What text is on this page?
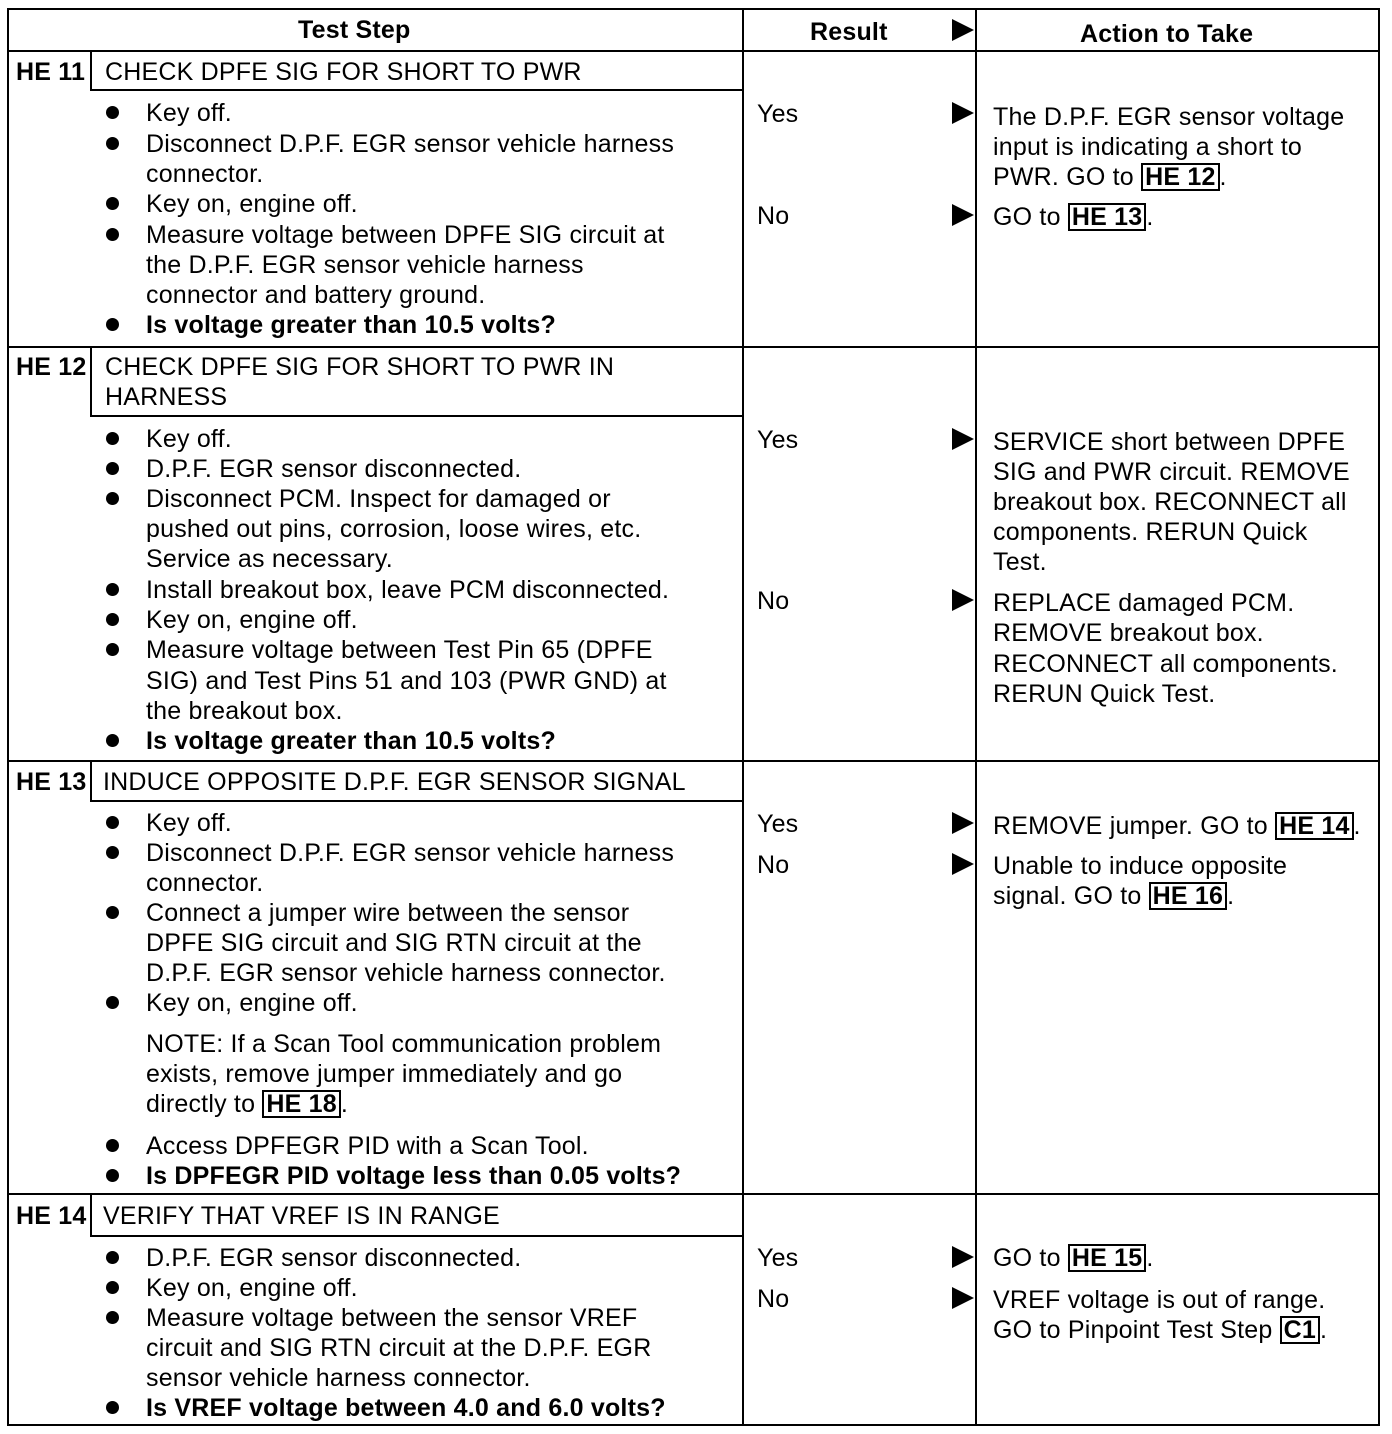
Test Step	Result	Action to Take
HE 11 CHECK DPFE SIG FOR SHORT TO PWR
Key off.
Disconnect D.P.F. EGR sensor vehicle harness
connector.
Key on, engine off.
Measure voltage between DPFE SIG circuit at
the D.P.F. EGR sensor vehicle harness
connector and battery ground.
Is voltage greater than 10.5 volts?
Yes	The D.P.F. EGR sensor voltage
input is indicating a short to
PWR. GO to HE 12 .
No	GO to HE 13 .
HE 12 CHECK DPFE SIG FOR SHORT TO PWR IN
HARNESS
Key off.
D.P.F. EGR sensor disconnected.
Disconnect PCM. Inspect for damaged or
pushed out pins, corrosion, loose wires, etc.
Service as necessary.
Install breakout box, leave PCM disconnected.
Key on, engine off.
Measure voltage between Test Pin 65 (DPFE
SIG) and Test Pins 51 and 103 (PWR GND) at
the breakout box.
Is voltage greater than 10.5 volts?
Yes	SERVICE short between DPFE
SIG and PWR circuit. REMOVE
breakout box. RECONNECT all
components. RERUN Quick
Test.
No	REPLACE damaged PCM.
REMOVE breakout box.
RECONNECT all components.
RERUN Quick Test.
HE 13 INDUCE OPPOSITE D.P.F. EGR SENSOR SIGNAL
Key off.
Disconnect D.P.F. EGR sensor vehicle harness
connector.
Connect a jumper wire between the sensor
DPFE SIG circuit and SIG RTN circuit at the
D.P.F. EGR sensor vehicle harness connector.
Key on, engine off.
NOTE: If a Scan Tool communication problem
exists, remove jumper immediately and go
directly to HE 18 .
Access DPFEGR PID with a Scan Tool.
Is DPFEGR PID voltage less than 0.05 volts?
Yes	REMOVE jumper. GO to HE 14 .
No	Unable to induce opposite
signal. GO to HE 16 .
HE 14 VERIFY THAT VREF IS IN RANGE
D.P.F. EGR sensor disconnected.
Key on, engine off.
Measure voltage between the sensor VREF
circuit and SIG RTN circuit at the D.P.F. EGR
sensor vehicle harness connector.
Is VREF voltage between 4.0 and 6.0 volts?
Yes	GO to HE 15 .
No	VREF voltage is out of range.
GO to Pinpoint Test Step C1 .
